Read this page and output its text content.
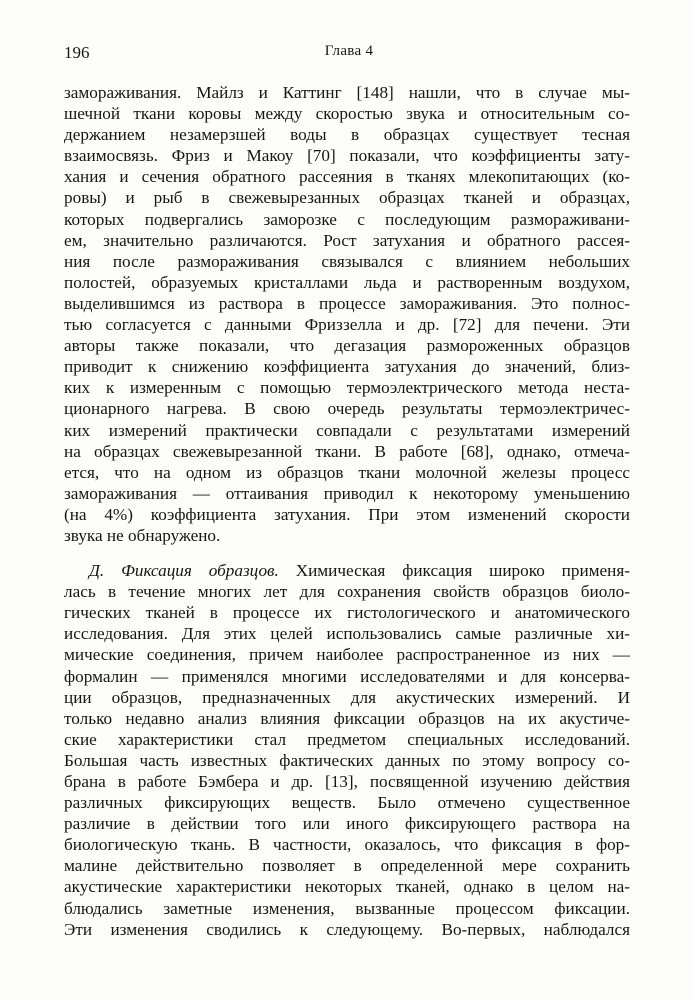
196	Глава 4
замораживания. Майлз и Каттинг [148] нашли, что в случае мы-
шечной ткани коровы между скоростью звука и относительным со-
держанием незамерзшей воды в образцах существует тесная
взаимосвязь. Фриз и Макоу [70] показали, что коэффициенты зату-
хания и сечения обратного рассеяния в тканях млекопитающих (ко-
ровы) и рыб в свежевырезанных образцах тканей и образцах,
которых подвергались заморозке с последующим размораживани-
ем, значительно различаются. Рост затухания и обратного рассея-
ния после размораживания связывался с влиянием небольших
полостей, образуемых кристаллами льда и растворенным воздухом,
выделившимся из раствора в процессе замораживания. Это полнос-
тью согласуется с данными Фриззелла и др. [72] для печени. Эти
авторы также показали, что дегазация размороженных образцов
приводит к снижению коэффициента затухания до значений, близ-
ких к измеренным с помощью термоэлектрического метода неста-
ционарного нагрева. В свою очередь результаты термоэлектричес-
ких измерений практически совпадали с результатами измерений
на образцах свежевырезанной ткани. В работе [68], однако, отмеча-
ется, что на одном из образцов ткани молочной железы процесс
замораживания — оттаивания приводил к некоторому уменьшению
(на 4%) коэффициента затухания. При этом изменений скорости
звука не обнаружено.
Д. Фиксация образцов. Химическая фиксация широко применя-
лась в течение многих лет для сохранения свойств образцов биоло-
гических тканей в процессе их гистологического и анатомического
исследования. Для этих целей использовались самые различные хи-
мические соединения, причем наиболее распространенное из них —
формалин — применялся многими исследователями и для консерва-
ции образцов, предназначенных для акустических измерений. И
только недавно анализ влияния фиксации образцов на их акустиче-
ские характеристики стал предметом специальных исследований.
Большая часть известных фактических данных по этому вопросу со-
брана в работе Бэмбера и др. [13], посвященной изучению действия
различных фиксирующих веществ. Было отмечено существенное
различие в действии того или иного фиксирующего раствора на
биологическую ткань. В частности, оказалось, что фиксация в фор-
малине действительно позволяет в определенной мере сохранить
акустические характеристики некоторых тканей, однако в целом на-
блюдались заметные изменения, вызванные процессом фиксации.
Эти изменения сводились к следующему. Во-первых, наблюдался
